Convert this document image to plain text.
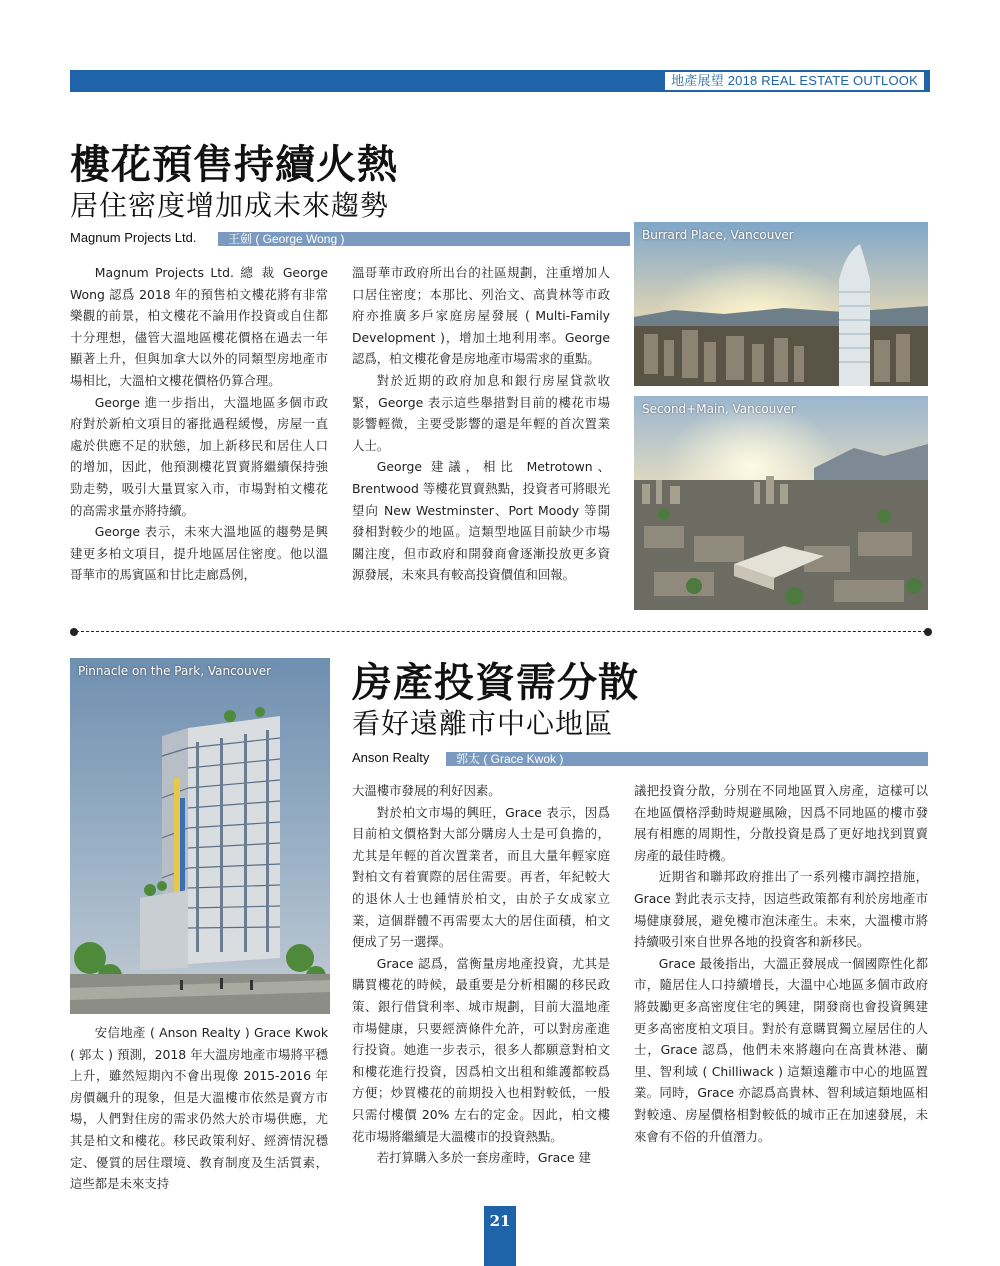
地產展望 2018 REAL ESTATE OUTLOOK
樓花預售持續火熱
居住密度增加成未來趨勢
Magnum Projects Ltd.	王劍 ( George Wong )

Magnum Projects Ltd. 總 裁 George Wong 認爲 2018 年的預售柏文樓花將有非常樂觀的前景，柏文樓花不論用作投資或自住都十分理想，儘管大溫地區樓花價格在過去一年顯著上升，但與加拿大以外的同類型房地產市場相比，大溫柏文樓花價格仍算合理。

George 進一步指出，大溫地區多個市政府對於新柏文項目的審批過程緩慢，房屋一直處於供應不足的狀態，加上新移民和居住人口的增加，因此，他預測樓花買賣將繼續保持強勁走勢，吸引大量買家入市，市場對柏文樓花的高需求量亦將持續。

George 表示，未來大溫地區的趨勢是興建更多柏文項目，提升地區居住密度。他以溫哥華市的馬賓區和甘比走廊爲例，

溫哥華市政府所出台的社區規劃，注重增加人口居住密度；本那比、列治文、高貴林等市政府亦推廣多戶家庭房屋發展 ( Multi-Family Development )，增加土地利用率。George 認爲，柏文樓花會是房地產市場需求的重點。

對於近期的政府加息和銀行房屋貸款收緊，George 表示這些舉措對目前的樓花市場影響輕微，主要受影響的還是年輕的首次置業人士。

George 建議，相比 Metrotown、Brentwood 等樓花買賣熱點，投資者可將眼光望向 New Westminster、Port Moody 等開發相對較少的地區。這類型地區目前缺少市場關注度，但市政府和開發商會逐漸投放更多資源發展，未來具有較高投資價值和回報。

Burrard Place, Vancouver
Second+Main, Vancouver
Pinnacle on the Park, Vancouver 房產投資需分散
看好遠離市中心地區
Anson Realty	郭太 ( Grace Kwok )

安信地產 ( Anson Realty ) Grace Kwok ( 郭太 ) 預測，2018 年大溫房地產市場將平穩上升，雖然短期內不會出現像 2015-2016 年房價飆升的現象，但是大溫樓市依然是賣方市場，人們對住房的需求仍然大於市場供應，尤其是柏文和樓花。移民政策利好、經濟情況穩定、優質的居住環境、教育制度及生活質素，這些都是未來支持

大溫樓市發展的利好因素。

對於柏文市場的興旺，Grace 表示，因爲目前柏文價格對大部分購房人士是可負擔的，尤其是年輕的首次置業者，而且大量年輕家庭對柏文有着實際的居住需要。再者，年紀較大的退休人士也鍾情於柏文，由於子女成家立業，這個群體不再需要太大的居住面積，柏文便成了另一選擇。

Grace 認爲，當衡量房地產投資，尤其是購買樓花的時候，最重要是分析相關的移民政策、銀行借貸利率、城市規劃，目前大溫地產市場健康，只要經濟條件允許，可以對房產進行投資。她進一步表示，很多人都願意對柏文和樓花進行投資，因爲柏文出租和維護都較爲方便；炒買樓花的前期投入也相對較低，一般只需付樓價 20% 左右的定金。因此，柏文樓花市場將繼續是大溫樓市的投資熱點。

若打算購入多於一套房產時，Grace 建

議把投資分散，分別在不同地區買入房產，這樣可以在地區價格浮動時規避風險，因爲不同地區的樓市發展有相應的周期性，分散投資是爲了更好地找到買賣房產的最佳時機。

近期省和聯邦政府推出了一系列樓市調控措施，Grace 對此表示支持，因這些政策都有利於房地產市場健康發展，避免樓市泡沫產生。未來，大溫樓市將持續吸引來自世界各地的投資客和新移民。

Grace 最後指出，大溫正發展成一個國際性化都市，隨居住人口持續增長，大溫中心地區多個市政府將鼓勵更多高密度住宅的興建，開發商也會投資興建更多高密度柏文項目。對於有意購買獨立屋居住的人士，Grace 認爲，他們未來將趨向在高貴林港、蘭里、智利域 ( Chilliwack ) 這類遠離市中心的地區置業。同時，Grace 亦認爲高貴林、智利域這類地區相對較遠、房屋價格相對較低的城市正在加速發展，未來會有不俗的升值潛力。

21
